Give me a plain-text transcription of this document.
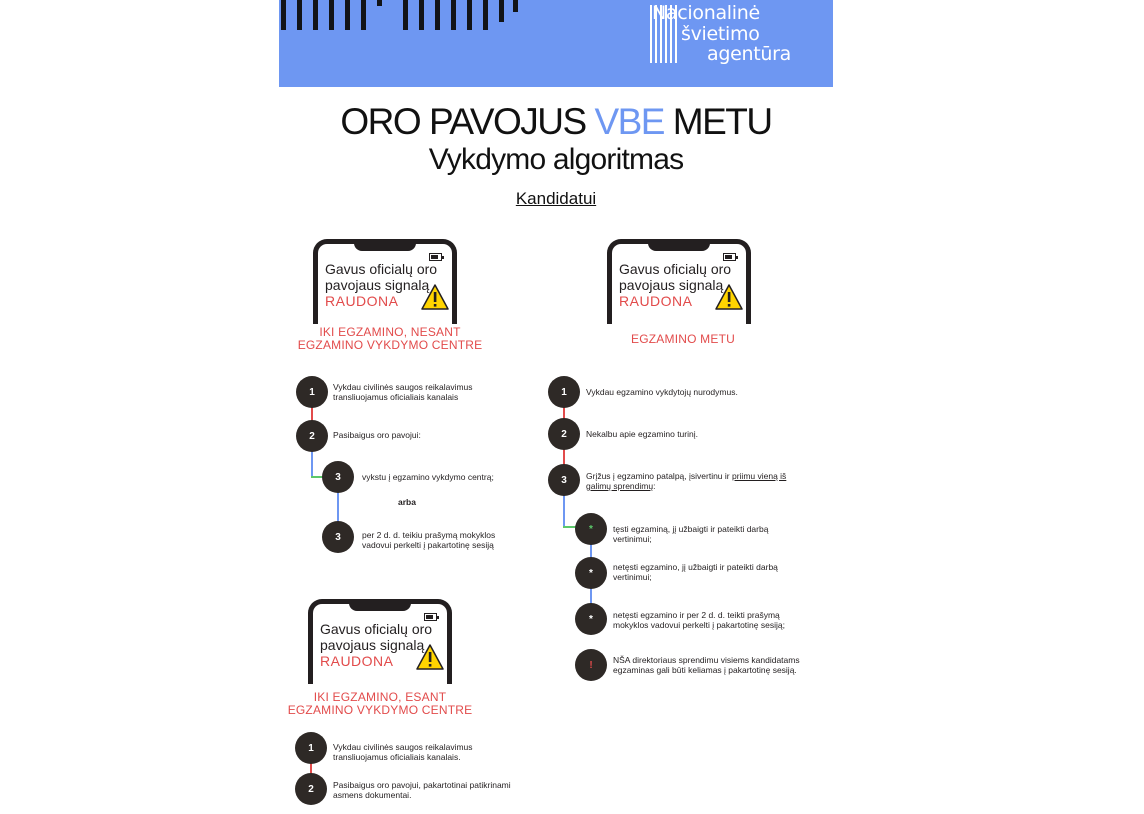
Nacionalinė
švietimo
agentūra
ORO PAVOJUS VBE METU
Vykdymo algoritmas
Kandidatui
Gavus oficialų oro
pavojaus signalą
RAUDONA
Gavus oficialų oro
pavojaus signalą
RAUDONA
Gavus oficialų oro
pavojaus signalą
RAUDONA
IKI EGZAMINO, NESANT
EGZAMINO VYKDYMO CENTRE	EGZAMINO METU
IKI EGZAMINO, ESANT
EGZAMINO VYKDYMO CENTRE
1	Vykdau civilinės saugos reikalavimus transliuojamus oficialiais kanalais
2	Pasibaigus oro pavojui:
3	vykstu į egzamino vykdymo centrą;
arba
3	per 2 d. d. teikiu prašymą mokyklos vadovui perkelti į pakartotinę sesiją
1	Vykdau egzamino vykdytojų nurodymus.
2	Nekalbu apie egzamino turinį.
3	Grįžus į egzamino patalpą, įsivertinu ir priimu vieną iš galimų sprendimų:
*	tęsti egzaminą, jį užbaigti ir pateikti darbą vertinimui;
*
netęsti egzamino, jį užbaigti ir pateikti darbą vertinimui;
*	netęsti egzamino ir per 2 d. d. teikti prašymą mokyklos vadovui perkelti į pakartotinę sesiją;
!	NŠA direktoriaus sprendimu visiems kandidatams egzaminas gali būti keliamas į pakartotinę sesiją.
1	Vykdau civilinės saugos reikalavimus transliuojamus oficialiais kanalais.
2	Pasibaigus oro pavojui, pakartotinai patikrinami asmens dokumentai.
